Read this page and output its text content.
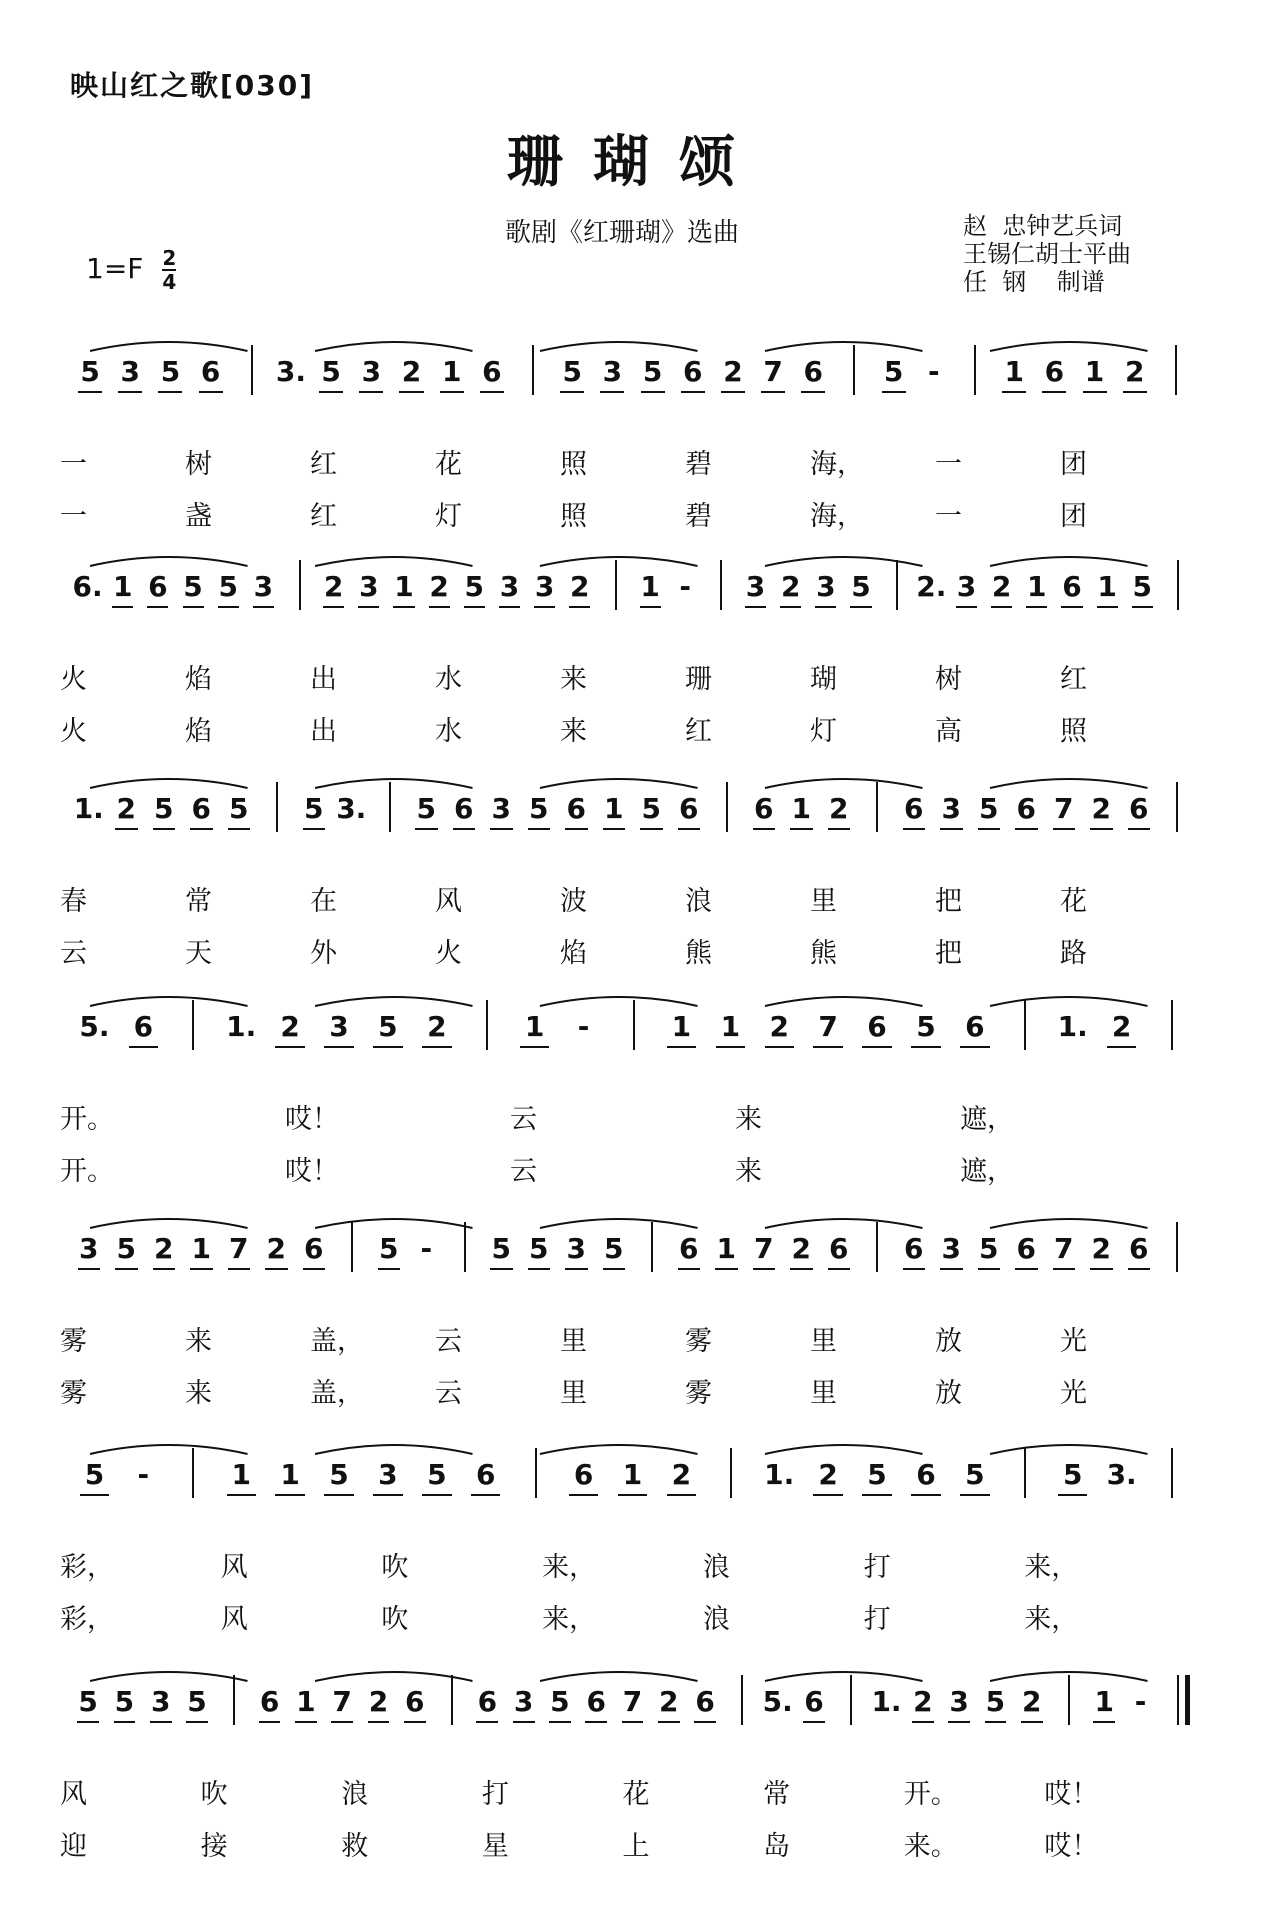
映山红之歌[030]
珊瑚颂
歌剧《红珊瑚》选曲	赵  忠钟艺兵词
王锡仁胡士平曲
任  钢    制谱
$1=F \frac{2}{4}$
5 3 5 6	3. 5 3 2 1 6	5 3 5 6 2 7 6	5 -	1 6 1 2
一	树	红	花	照	碧	海，	一	团
一	盏	红	灯	照	碧	海，	一	团
6. 1 6 5 5 3 2 3 1 2 5 3 3 2 1 -	3 2 3 5 2. 3 2 1 6 1 5
火	焰	出	水	来	珊	瑚	树	红
火	焰	出	水	来	红	灯	高	照
1. 2 5 6 5	5 3.	5 6 3 5 6 1 5 6	6 1 2	6 3 5 6 7 2 6
春	常	在	风	波	浪	里	把	花
云	天	外	火	焰	熊	熊	把	路
5. 6	1. 2	3	5	2	1	-	1	1	2	7	6	5	6	1. 2
开。	哎！	云	来	遮，
开。	哎！	云	来	遮，
3 5 2 1 7 2 6	5 -	5 5 3 5	6 1 7 2 6	6 3 5 6 7 2 6
雾	来	盖，	云	里	雾	里	放	光
雾	来	盖，	云	里	雾	里	放	光
5	-	1	1	5	3	5	6	6	1	2	1. 2	5	6	5	5 3.
彩，	风	吹	来，	浪	打	来，
彩，	风	吹	来，	浪	打	来，
5 5 3 5	6 1 7 2 6	6 3 5 6 7 2 6	5. 6	1. 2 3 5 2	1 -
风	吹	浪	打	花	常	开。	哎！
迎	接	救	星	上	岛	来。	哎！
